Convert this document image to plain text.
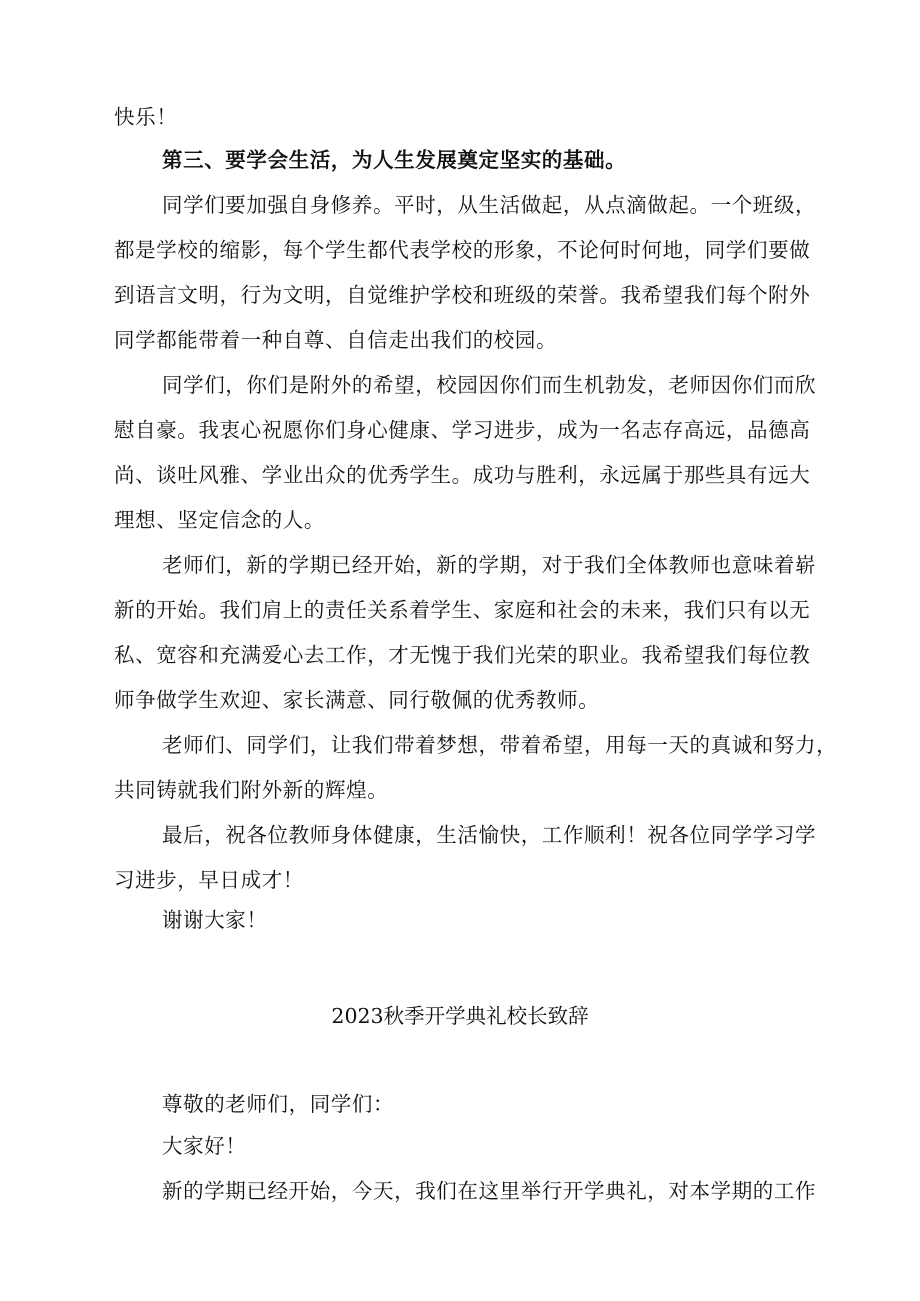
快乐！
第三、要学会生活，为人生发展奠定坚实的基础。
同学们要加强自身修养。平时，从生活做起，从点滴做起。一个班级，
都是学校的缩影，每个学生都代表学校的形象，不论何时何地，同学们要做
到语言文明，行为文明，自觉维护学校和班级的荣誉。我希望我们每个附外
同学都能带着一种自尊、自信走出我们的校园。
同学们，你们是附外的希望，校园因你们而生机勃发，老师因你们而欣
慰自豪。我衷心祝愿你们身心健康、学习进步，成为一名志存高远，品德高
尚、谈吐风雅、学业出众的优秀学生。成功与胜利，永远属于那些具有远大
理想、坚定信念的人。
老师们，新的学期已经开始，新的学期，对于我们全体教师也意味着崭
新的开始。我们肩上的责任关系着学生、家庭和社会的未来，我们只有以无
私、宽容和充满爱心去工作，才无愧于我们光荣的职业。我希望我们每位教
师争做学生欢迎、家长满意、同行敬佩的优秀教师。
老师们、同学们，让我们带着梦想，带着希望，用每一天的真诚和努力，
共同铸就我们附外新的辉煌。
最后，祝各位教师身体健康，生活愉快，工作顺利！祝各位同学学习学
习进步，早日成才！
谢谢大家！
2023秋季开学典礼校长致辞
尊敬的老师们，同学们：
大家好！
新的学期已经开始，今天，我们在这里举行开学典礼，对本学期的工作
